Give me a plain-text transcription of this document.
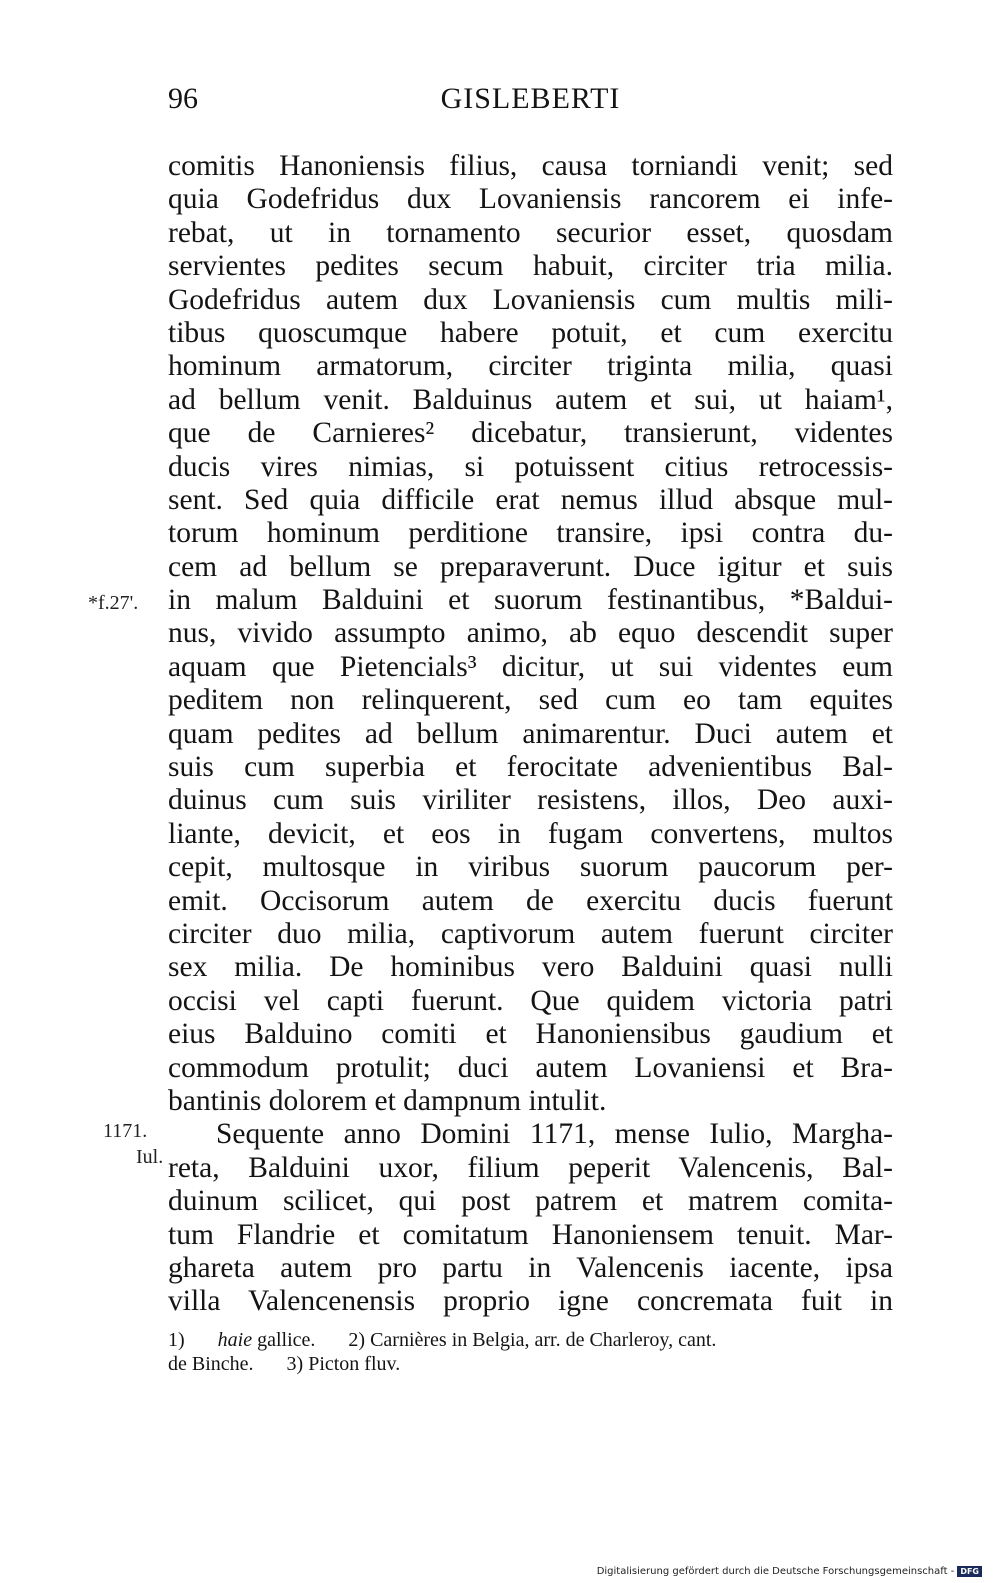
96	GISLEBERTI
comitis Hanoniensis filius, causa torniandi venit; sed
quia Godefridus dux Lovaniensis rancorem ei infe-
rebat, ut in tornamento securior esset, quosdam
servientes pedites secum habuit, circiter tria milia.
Godefridus autem dux Lovaniensis cum multis mili-
tibus quoscumque habere potuit, et cum exercitu
hominum armatorum, circiter triginta milia, quasi
ad bellum venit. Balduinus autem et sui, ut haiam¹,
que de Carnieres² dicebatur, transierunt, videntes
ducis vires nimias, si potuissent citius retrocessis-
sent. Sed quia difficile erat nemus illud absque mul-
torum hominum perditione transire, ipsi contra du-
cem ad bellum se preparaverunt. Duce igitur et suis
in malum Balduini et suorum festinantibus, *Baldui-
nus, vivido assumpto animo, ab equo descendit super
aquam que Pietencials³ dicitur, ut sui videntes eum
peditem non relinquerent, sed cum eo tam equites
quam pedites ad bellum animarentur. Duci autem et
suis cum superbia et ferocitate advenientibus Bal-
duinus cum suis viriliter resistens, illos, Deo auxi-
liante, devicit, et eos in fugam convertens, multos
cepit, multosque in viribus suorum paucorum per-
emit. Occisorum autem de exercitu ducis fuerunt
circiter duo milia, captivorum autem fuerunt circiter
sex milia. De hominibus vero Balduini quasi nulli
occisi vel capti fuerunt. Que quidem victoria patri
eius Balduino comiti et Hanoniensibus gaudium et
commodum protulit; duci autem Lovaniensi et Bra-
bantinis dolorem et dampnum intulit.
Sequente anno Domini 1171, mense Iulio, Margha-
reta, Balduini uxor, filium peperit Valencenis, Bal-
duinum scilicet, qui post patrem et matrem comita-
tum Flandrie et comitatum Hanoniensem tenuit. Mar-
ghareta autem pro partu in Valencenis iacente, ipsa
villa Valencenensis proprio igne concremata fuit in
*f.27'.
1171.
Iul.
1) haie gallice. 2) Carnières in Belgia, arr. de Charleroy, cant.
de Binche. 3) Picton fluv.
Digitalisierung gefördert durch die Deutsche Forschungsgemeinschaft - DFG
